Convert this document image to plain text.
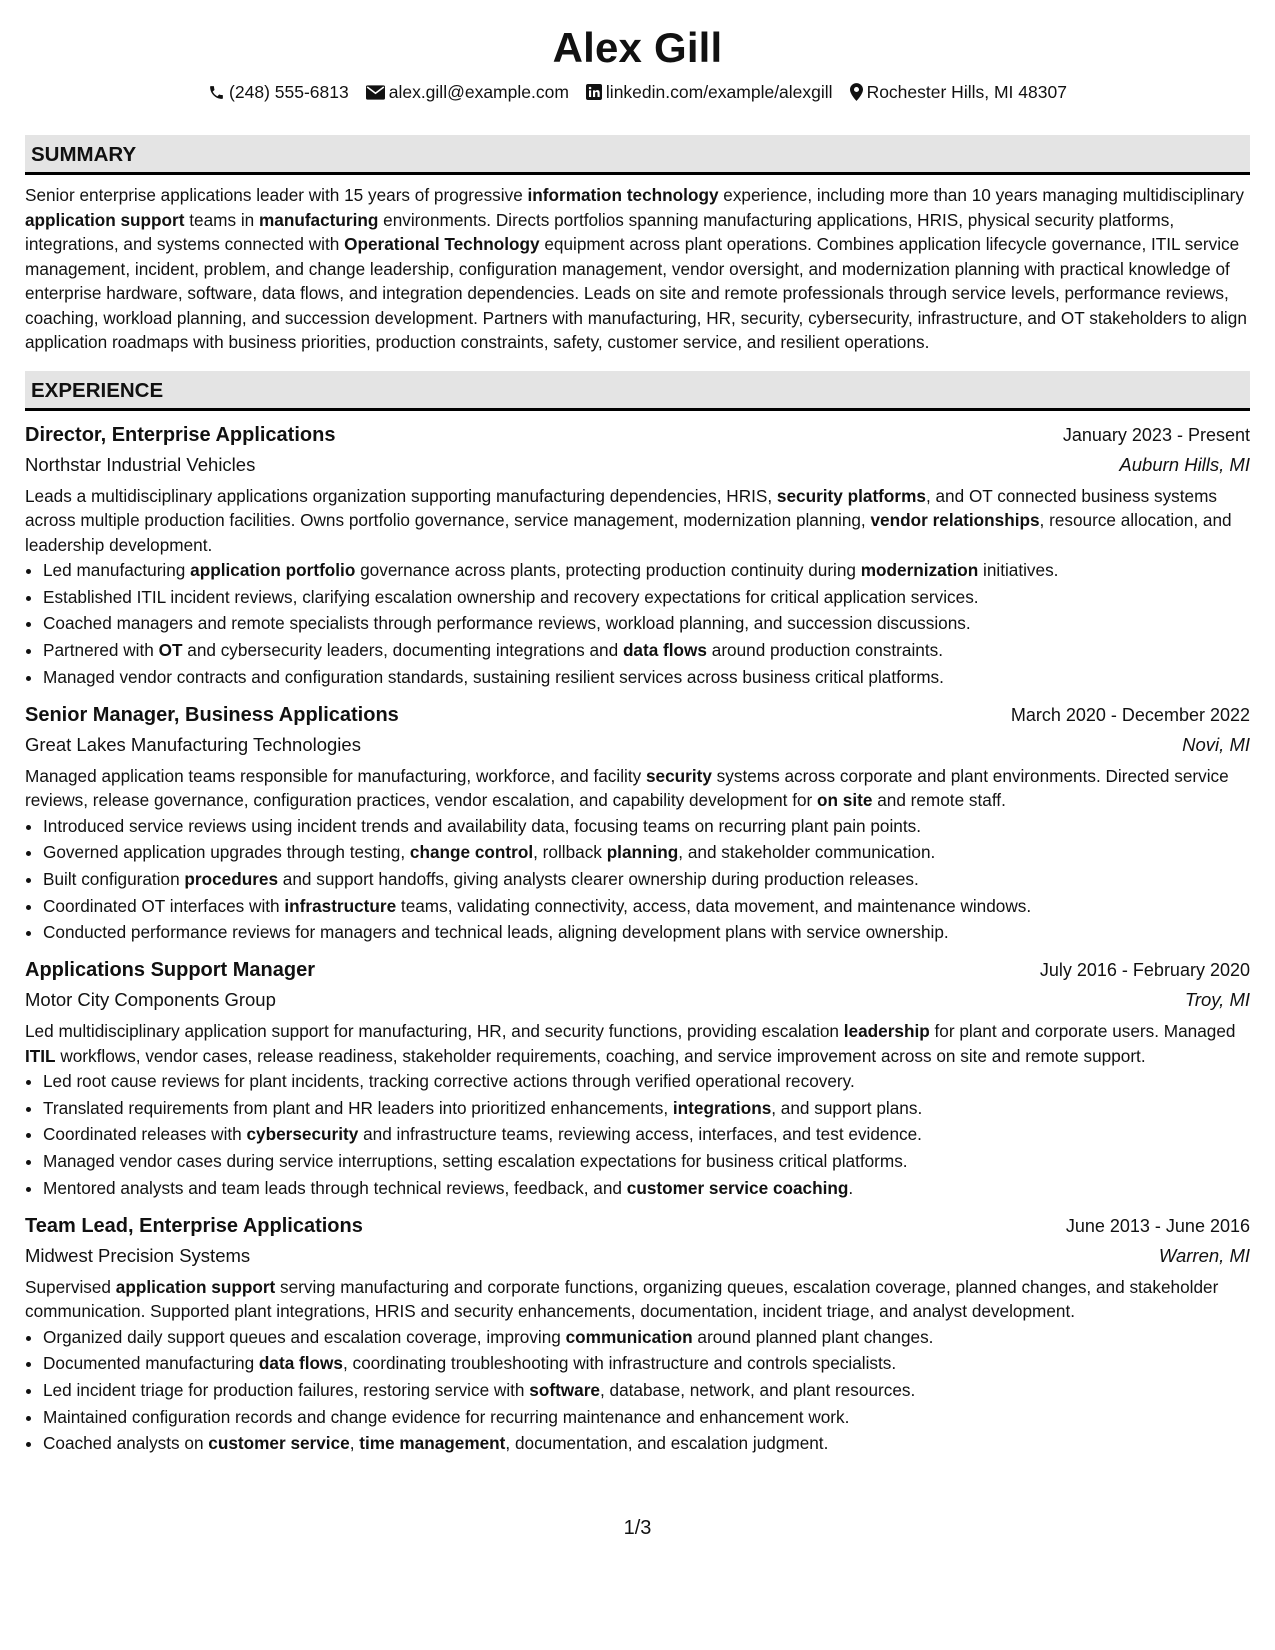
Alex Gill
(248) 555-6813 alex.gill@example.com linkedin.com/example/alexgill Rochester Hills, MI 48307
SUMMARY

Senior enterprise applications leader with 15 years of progressive information technology experience, including more than 10 years managing multidisciplinary application support teams in manufacturing environments. Directs portfolios spanning manufacturing applications, HRIS, physical security platforms, integrations, and systems connected with Operational Technology equipment across plant operations. Combines application lifecycle governance, ITIL service management, incident, problem, and change leadership, configuration management, vendor oversight, and modernization planning with practical knowledge of enterprise hardware, software, data flows, and integration dependencies. Leads on site and remote professionals through service levels, performance reviews, coaching, workload planning, and succession development. Partners with manufacturing, HR, security, cybersecurity, infrastructure, and OT stakeholders to align application roadmaps with business priorities, production constraints, safety, customer service, and resilient operations.

EXPERIENCE
Director, Enterprise Applications	January 2023 - Present
Northstar Industrial Vehicles	Auburn Hills, MI

Leads a multidisciplinary applications organization supporting manufacturing dependencies, HRIS, security platforms, and OT connected business systems across multiple production facilities. Owns portfolio governance, service management, modernization planning, vendor relationships, resource allocation, and leadership development.

• Led manufacturing application portfolio governance across plants, protecting production continuity during modernization initiatives.
• Established ITIL incident reviews, clarifying escalation ownership and recovery expectations for critical application services.
• Coached managers and remote specialists through performance reviews, workload planning, and succession discussions.
• Partnered with OT and cybersecurity leaders, documenting integrations and data flows around production constraints.
• Managed vendor contracts and configuration standards, sustaining resilient services across business critical platforms.
Senior Manager, Business Applications	March 2020 - December 2022
Great Lakes Manufacturing Technologies	Novi, MI

Managed application teams responsible for manufacturing, workforce, and facility security systems across corporate and plant environments. Directed service reviews, release governance, configuration practices, vendor escalation, and capability development for on site and remote staff.

• Introduced service reviews using incident trends and availability data, focusing teams on recurring plant pain points.
• Governed application upgrades through testing, change control, rollback planning, and stakeholder communication.
• Built configuration procedures and support handoffs, giving analysts clearer ownership during production releases.
• Coordinated OT interfaces with infrastructure teams, validating connectivity, access, data movement, and maintenance windows.
• Conducted performance reviews for managers and technical leads, aligning development plans with service ownership.
Applications Support Manager	July 2016 - February 2020
Motor City Components Group	Troy, MI

Led multidisciplinary application support for manufacturing, HR, and security functions, providing escalation leadership for plant and corporate users. Managed ITIL workflows, vendor cases, release readiness, stakeholder requirements, coaching, and service improvement across on site and remote support.

• Led root cause reviews for plant incidents, tracking corrective actions through verified operational recovery.
• Translated requirements from plant and HR leaders into prioritized enhancements, integrations, and support plans.
• Coordinated releases with cybersecurity and infrastructure teams, reviewing access, interfaces, and test evidence.
• Managed vendor cases during service interruptions, setting escalation expectations for business critical platforms.
• Mentored analysts and team leads through technical reviews, feedback, and customer service coaching.
Team Lead, Enterprise Applications	June 2013 - June 2016
Midwest Precision Systems	Warren, MI

Supervised application support serving manufacturing and corporate functions, organizing queues, escalation coverage, planned changes, and stakeholder communication. Supported plant integrations, HRIS and security enhancements, documentation, incident triage, and analyst development.

• Organized daily support queues and escalation coverage, improving communication around planned plant changes.
• Documented manufacturing data flows, coordinating troubleshooting with infrastructure and controls specialists.
• Led incident triage for production failures, restoring service with software, database, network, and plant resources.
• Maintained configuration records and change evidence for recurring maintenance and enhancement work.
• Coached analysts on customer service, time management, documentation, and escalation judgment.
1/3
